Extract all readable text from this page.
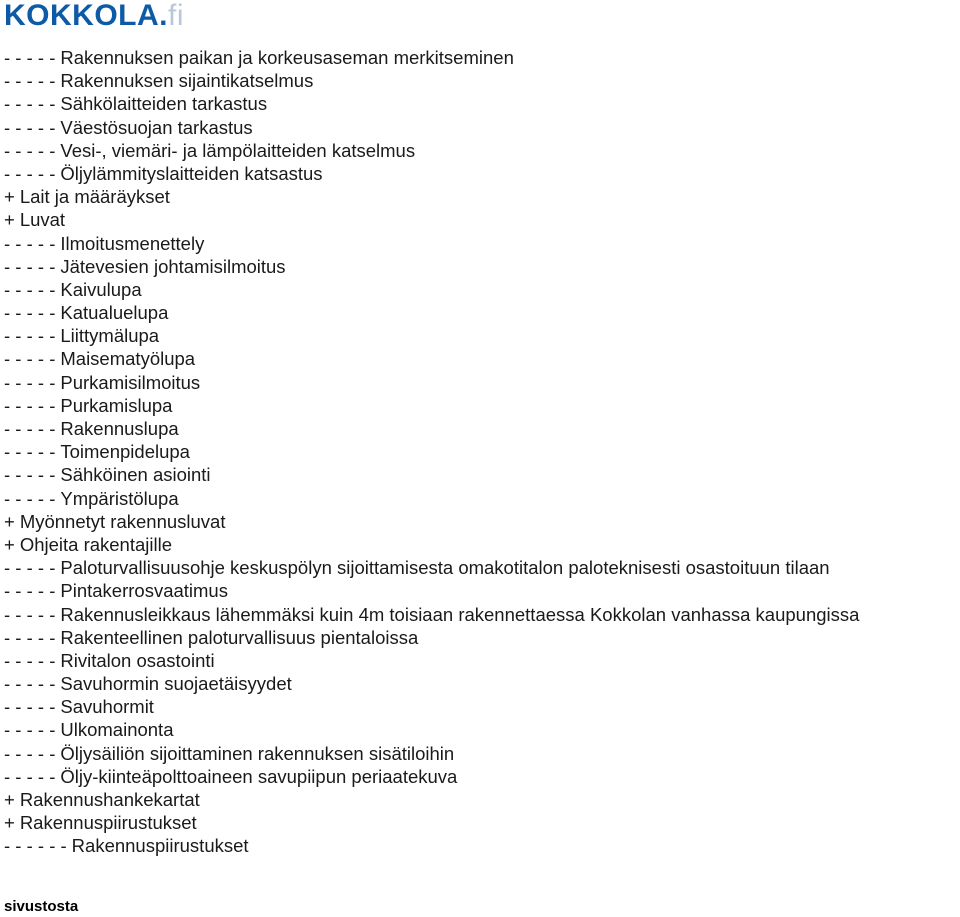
KOKKOLA . fi
- - - - - Rakennuksen paikan ja korkeusaseman merkitseminen
- - - - - Rakennuksen sijaintikatselmus
- - - - - Sähkölaitteiden tarkastus
- - - - - Väestösuojan tarkastus
- - - - - Vesi-, viemäri- ja lämpölaitteiden katselmus
- - - - - Öljylämmityslaitteiden katsastus
+ Lait ja määräykset
+ Luvat
- - - - - Ilmoitusmenettely
- - - - - Jätevesien johtamisilmoitus
- - - - - Kaivulupa
- - - - - Katualuelupa
- - - - - Liittymälupa
- - - - - Maisematyölupa
- - - - - Purkamisilmoitus
- - - - - Purkamislupa
- - - - - Rakennuslupa
- - - - - Toimenpidelupa
- - - - - Sähköinen asiointi
- - - - - Ympäristölupa
+ Myönnetyt rakennusluvat
+ Ohjeita rakentajille
- - - - - Paloturvallisuusohje keskuspölyn sijoittamisesta omakotitalon paloteknisesti osastoituun tilaan
- - - - - Pintakerrosvaatimus
- - - - - Rakennusleikkaus lähemmäksi kuin 4m toisiaan rakennettaessa Kokkolan vanhassa kaupungissa
- - - - - Rakenteellinen paloturvallisuus pientaloissa
- - - - - Rivitalon osastointi
- - - - - Savuhormin suojaetäisyydet
- - - - - Savuhormit
- - - - - Ulkomainonta
- - - - - Öljysäiliön sijoittaminen rakennuksen sisätiloihin
- - - - - Öljy-kiinteäpolttoaineen savupiipun periaatekuva
+ Rakennushankekartat
+ Rakennuspiirustukset
- - - - - - Rakennuspiirustukset
sivustosta
